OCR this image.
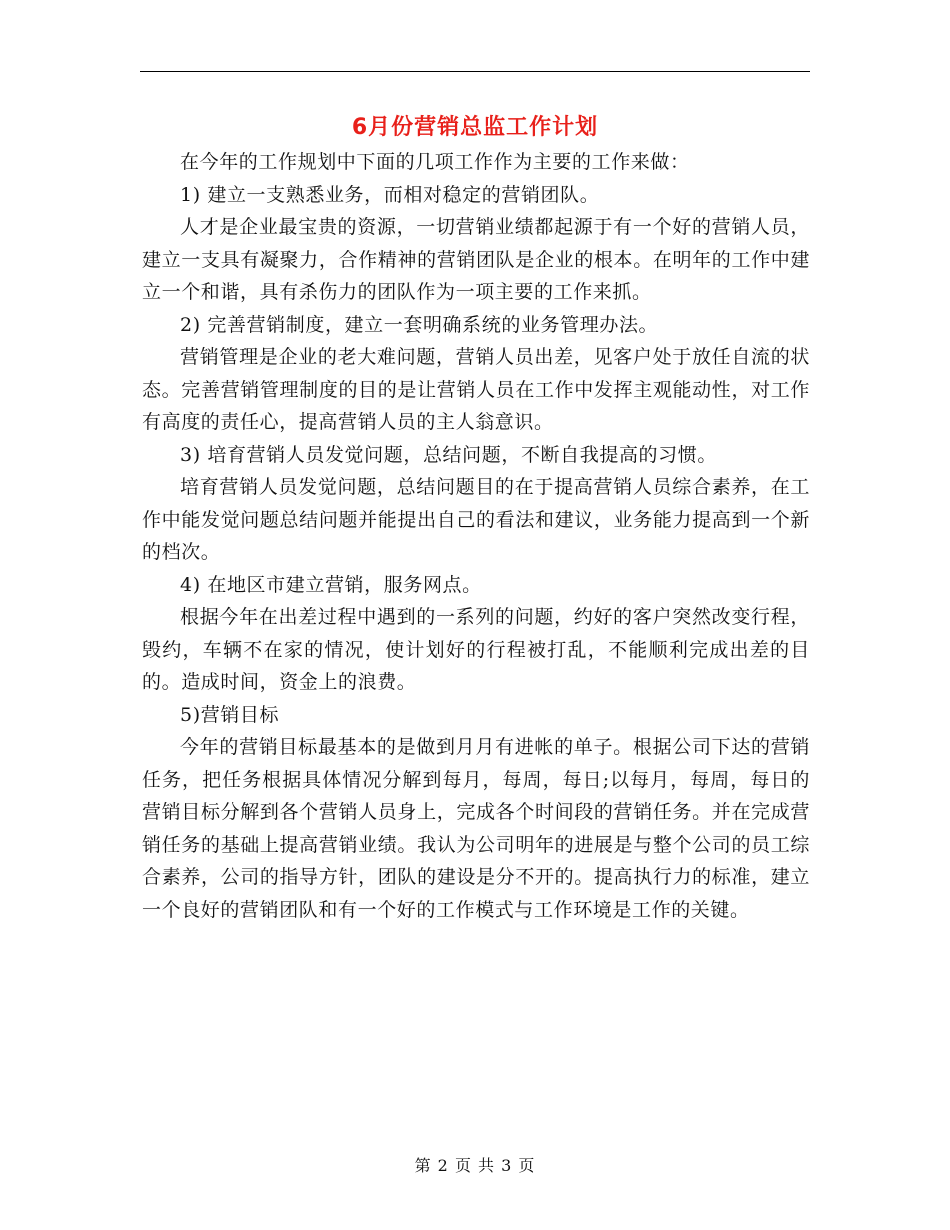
6月份营销总监工作计划

在今年的工作规划中下面的几项工作作为主要的工作来做：

1) 建立一支熟悉业务，而相对稳定的营销团队。

人才是企业最宝贵的资源，一切营销业绩都起源于有一个好的营销人员，建立一支具有凝聚力，合作精神的营销团队是企业的根本。在明年的工作中建立一个和谐，具有杀伤力的团队作为一项主要的工作来抓。

2) 完善营销制度，建立一套明确系统的业务管理办法。

营销管理是企业的老大难问题，营销人员出差，见客户处于放任自流的状态。完善营销管理制度的目的是让营销人员在工作中发挥主观能动性，对工作有高度的责任心，提高营销人员的主人翁意识。

3) 培育营销人员发觉问题，总结问题，不断自我提高的习惯。

培育营销人员发觉问题，总结问题目的在于提高营销人员综合素养，在工作中能发觉问题总结问题并能提出自己的看法和建议，业务能力提高到一个新的档次。

4) 在地区市建立营销，服务网点。

根据今年在出差过程中遇到的一系列的问题，约好的客户突然改变行程，毁约，车辆不在家的情况，使计划好的行程被打乱，不能顺利完成出差的目的。造成时间，资金上的浪费。

5)营销目标

今年的营销目标最基本的是做到月月有进帐的单子。根据公司下达的营销任务，把任务根据具体情况分解到每月，每周，每日;以每月，每周，每日的营销目标分解到各个营销人员身上，完成各个时间段的营销任务。并在完成营销任务的基础上提高营销业绩。我认为公司明年的进展是与整个公司的员工综合素养，公司的指导方针，团队的建设是分不开的。提高执行力的标准，建立一个良好的营销团队和有一个好的工作模式与工作环境是工作的关键。

第 2 页 共 3 页
